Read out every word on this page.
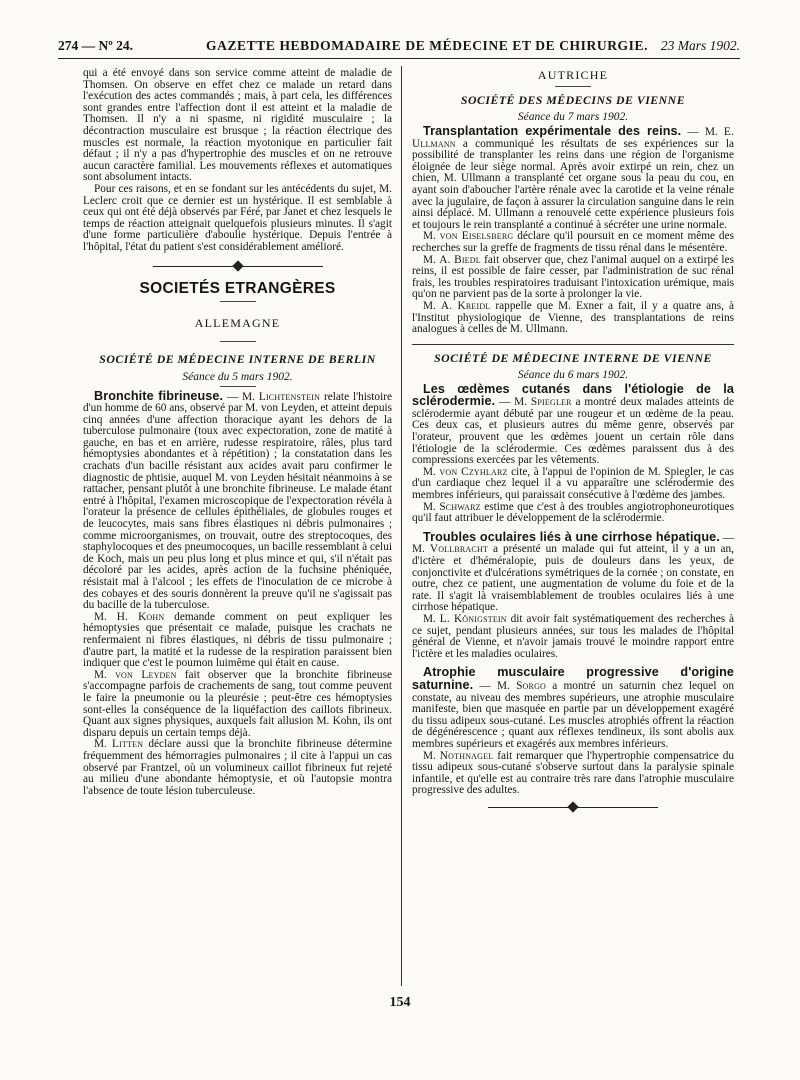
274 — Nº 24.	GAZETTE HEBDOMADAIRE DE MÉDECINE ET DE CHIRURGIE. 23 Mars 1902.

qui a été envoyé dans son service comme atteint de maladie de Thomsen. On observe en effet chez ce malade un retard dans l'exécution des actes commandés ; mais, à part cela, les différences sont grandes entre l'affection dont il est atteint et la maladie de Thomsen. Il n'y a ni spasme, ni rigidité musculaire ; la décontraction musculaire est brusque ; la réaction électrique des muscles est normale, la réaction myotonique en particulier fait défaut ; il n'y a pas d'hypertrophie des muscles et on ne retrouve aucun caractère familial. Les mouvements réflexes et automatiques sont absolument intacts.

Pour ces raisons, et en se fondant sur les antécédents du sujet, M. Leclerc croit que ce dernier est un hystérique. Il est semblable à ceux qui ont été déjà observés par Féré, par Janet et chez lesquels le temps de réaction atteignait quelquefois plusieurs minutes. Il s'agit d'une forme particulière d'aboulie hystérique. Depuis l'entrée à l'hôpital, l'état du patient s'est considérablement amélioré.

SOCIETÉS ETRANGÈRES
ALLEMAGNE
SOCIÉTÉ DE MÉDECINE INTERNE DE BERLIN
Séance du 5 mars 1902.

Bronchite fibrineuse. — M. Lichtenstein relate l'histoire d'un homme de 60 ans, observé par M. von Leyden, et atteint depuis cinq années d'une affection thoracique ayant les dehors de la tuberculose pulmonaire (toux avec expectoration, zone de matité à gauche, en bas et en arrière, rudesse respiratoire, râles, plus tard hémoptysies abondantes et à répétition) ; la constatation dans les crachats d'un bacille résistant aux acides avait paru confirmer le diagnostic de phtisie, auquel M. von Leyden hésitait néanmoins à se rattacher, pensant plutôt à une bronchite fibrineuse. Le malade étant entré à l'hôpital, l'examen microscopique de l'expectoration révéla à l'orateur la présence de cellules épithéliales, de globules rouges et de leucocytes, mais sans fibres élastiques ni débris pulmonaires ; comme microorganismes, on trouvait, outre des streptocoques, des staphylocoques et des pneumocoques, un bacille ressemblant à celui de Koch, mais un peu plus long et plus mince et qui, s'il n'était pas décoloré par les acides, après action de la fuchsine phéniquée, résistait mal à l'alcool ; les effets de l'inoculation de ce microbe à des cobayes et des souris donnèrent la preuve qu'il ne s'agissait pas du bacille de la tuberculose.

M. H. Kohn demande comment on peut expliquer les hémoptysies que présentait ce malade, puisque les crachats ne renfermaient ni fibres élastiques, ni débris de tissu pulmonaire ; d'autre part, la matité et la rudesse de la respiration paraissent bien indiquer que c'est le poumon luimême qui était en cause.

M. von Leyden fait observer que la bronchite fibrineuse s'accompagne parfois de crachements de sang, tout comme peuvent le faire la pneumonie ou la pleurésie ; peut-être ces hémoptysies sont-elles la conséquence de la liquéfaction des caillots fibrineux. Quant aux signes physiques, auxquels fait allusion M. Kohn, ils ont disparu depuis un certain temps déjà.

M. Litten déclare aussi que la bronchite fibrineuse détermine fréquemment des hémorragies pulmonaires ; il cite à l'appui un cas observé par Frantzel, où un volumineux caillot fibrineux fut rejeté au milieu d'une abondante hémoptysie, et où l'autopsie montra l'absence de toute lésion tuberculeuse.

AUTRICHE
SOCIÉTÉ DES MÉDECINS DE VIENNE
Séance du 7 mars 1902.

Transplantation expérimentale des reins. — M. E. Ullmann a communiqué les résultats de ses expériences sur la possibilité de transplanter les reins dans une région de l'organisme éloignée de leur siège normal. Après avoir extirpé un rein, chez un chien, M. Ullmann a transplanté cet organe sous la peau du cou, en ayant soin d'aboucher l'artère rénale avec la carotide et la veine rénale avec la jugulaire, de façon à assurer la circulation sanguine dans le rein ainsi déplacé. M. Ullmann a renouvelé cette expérience plusieurs fois et toujours le rein transplanté a continué à sécréter une urine normale.

M. von Eiselsberg déclare qu'il poursuit en ce moment même des recherches sur la greffe de fragments de tissu rénal dans le mésentère.

M. A. Biedl fait observer que, chez l'animal auquel on a extirpé les reins, il est possible de faire cesser, par l'administration de suc rénal frais, les troubles respiratoires traduisant l'intoxication urémique, mais qu'on ne parvient pas de la sorte à prolonger la vie.

M. A. Kreidl rappelle que M. Exner a fait, il y a quatre ans, à l'Institut physiologique de Vienne, des transplantations de reins analogues à celles de M. Ullmann.

SOCIÉTÉ DE MÉDECINE INTERNE DE VIENNE
Séance du 6 mars 1902.

Les œdèmes cutanés dans l'étiologie de la sclérodermie. — M. Spiegler a montré deux malades atteints de sclérodermie ayant débuté par une rougeur et un œdème de la peau. Ces deux cas, et plusieurs autres du même genre, observés par l'orateur, prouvent que les œdèmes jouent un certain rôle dans l'étiologie de la sclérodermie. Ces œdèmes paraissent dus à des compressions exercées par les vêtements.

M. von Czyhlarz cite, à l'appui de l'opinion de M. Spiegler, le cas d'un cardiaque chez lequel il a vu apparaître une sclérodermie des membres inférieurs, qui paraissait consécutive à l'œdème des jambes.

M. Schwarz estime que c'est à des troubles angiotrophoneurotiques qu'il faut attribuer le développement de la sclérodermie.

Troubles oculaires liés à une cirrhose hépatique. — M. Vollbracht a présenté un malade qui fut atteint, il y a un an, d'ictère et d'héméralopie, puis de douleurs dans les yeux, de conjonctivite et d'ulcérations symétriques de la cornée ; on constate, en outre, chez ce patient, une augmentation de volume du foie et de la rate. Il s'agit là vraisemblablement de troubles oculaires liés à une cirrhose hépatique.

M. L. Königstein dit avoir fait systématiquement des recherches à ce sujet, pendant plusieurs années, sur tous les malades de l'hôpital général de Vienne, et n'avoir jamais trouvé le moindre rapport entre l'ictère et les maladies oculaires.

Atrophie musculaire progressive d'origine saturnine. — M. Sorgo a montré un saturnin chez lequel on constate, au niveau des membres supérieurs, une atrophie musculaire manifeste, bien que masquée en partie par un développement exagéré du tissu adipeux sous-cutané. Les muscles atrophiés offrent la réaction de dégénérescence ; quant aux réflexes tendineux, ils sont abolis aux membres supérieurs et exagérés aux membres inférieurs.

M. Nothnagel fait remarquer que l'hypertrophie compensatrice du tissu adipeux sous-cutané s'observe surtout dans la paralysie spinale infantile, et qu'elle est au contraire très rare dans l'atrophie musculaire progressive des adultes.

154
